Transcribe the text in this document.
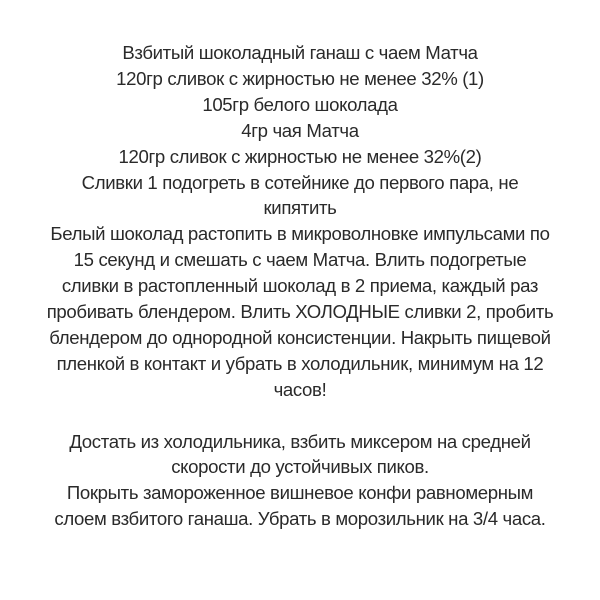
Взбитый шоколадный ганаш с чаем Матча
120гр сливок с жирностью не менее 32% (1)
105гр белого шоколада
4гр чая Матча
120гр сливок с жирностью не менее 32%(2)
Сливки 1 подогреть в сотейнике до первого пара, не
кипятить
Белый шоколад растопить в микроволновке импульсами по
15 секунд и смешать с чаем Матча. Влить подогретые
сливки в растопленный шоколад в 2 приема, каждый раз
пробивать блендером. Влить ХОЛОДНЫЕ сливки 2, пробить
блендером до однородной консистенции. Накрыть пищевой
пленкой в контакт и убрать в холодильник, минимум на 12
часов!
Достать из холодильника, взбить миксером на средней
скорости до устойчивых пиков.
Покрыть замороженное вишневое конфи равномерным
слоем взбитого ганаша. Убрать в морозильник на 3/4 часа.
